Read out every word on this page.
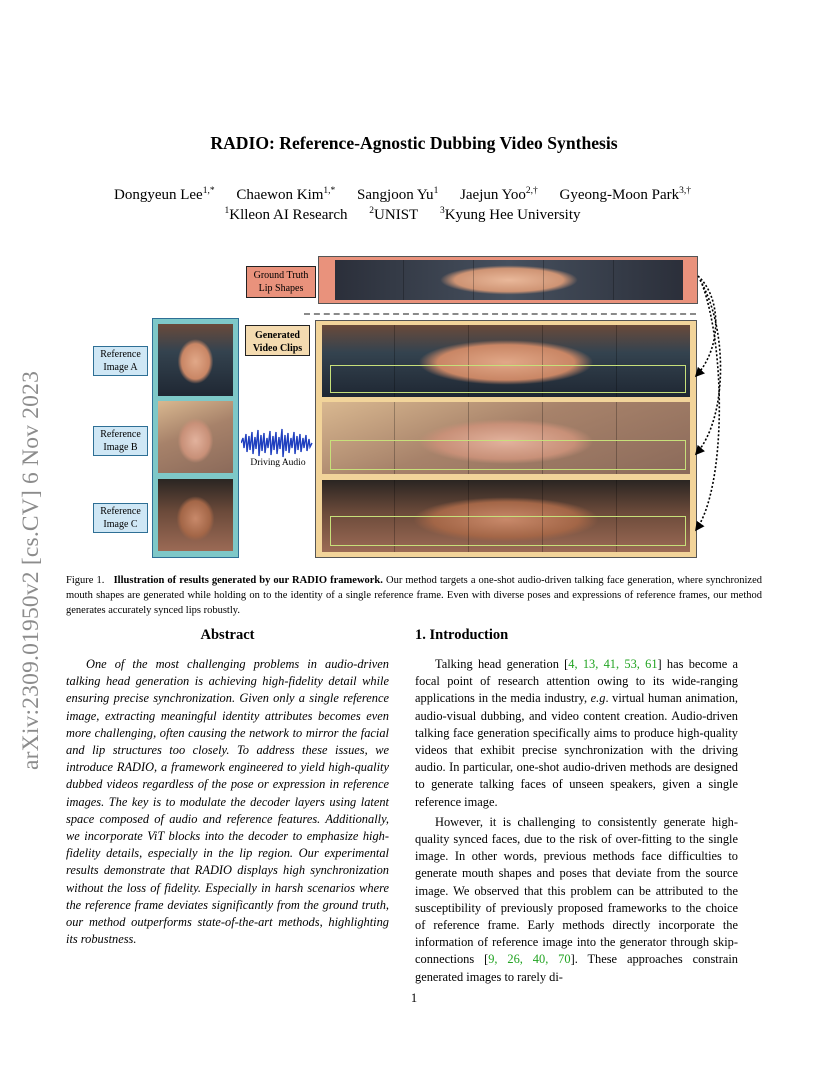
arXiv:2309.01950v2 [cs.CV] 6 Nov 2023
RADIO: Reference-Agnostic Dubbing Video Synthesis
Dongyeun Lee$^{1,*}$ Chaewon Kim$^{1,*}$ Sangjoon Yu$^1$ Jaejun Yoo$^{2,\dagger}$ Gyeong-Moon Park$^{3,\dagger}$
$^1$Klleon AI Research $^2$UNIST $^3$Kyung Hee University
Ground Truth
Lip Shapes
Reference
Image A
Reference
Image B
Reference
Image C
Driving Audio
Generated
Video Clips
Figure 1. Illustration of results generated by our RADIO framework. Our method targets a one-shot audio-driven talking face generation, where synchronized mouth shapes are generated while holding on to the identity of a single reference frame. Even with diverse poses and expressions of reference frames, our method generates accurately synced lips robustly.
Abstract
One of the most challenging problems in audio-driven talking head generation is achieving high-fidelity detail while ensuring precise synchronization. Given only a single reference image, extracting meaningful identity attributes becomes even more challenging, often causing the network to mirror the facial and lip structures too closely. To address these issues, we introduce RADIO, a framework engineered to yield high-quality dubbed videos regardless of the pose or expression in reference images. The key is to modulate the decoder layers using latent space composed of audio and reference features. Additionally, we incorporate ViT blocks into the decoder to emphasize high-fidelity details, especially in the lip region. Our experimental results demonstrate that RADIO displays high synchronization without the loss of fidelity. Especially in harsh scenarios where the reference frame deviates significantly from the ground truth, our method outperforms state-of-the-art methods, highlighting its robustness.
1. Introduction

Talking head generation [4, 13, 41, 53, 61] has become a focal point of research attention owing to its wide-ranging applications in the media industry, e.g. virtual human animation, audio-visual dubbing, and video content creation. Audio-driven talking face generation specifically aims to produce high-quality videos that exhibit precise synchronization with the driving audio. In particular, one-shot audio-driven methods are designed to generate talking faces of unseen speakers, given a single reference image.

However, it is challenging to consistently generate high-quality synced faces, due to the risk of over-fitting to the single image. In other words, previous methods face difficulties to generate mouth shapes and poses that deviate from the source image. We observed that this problem can be attributed to the susceptibility of previously proposed frameworks to the choice of reference frame. Early methods directly incorporate the information of reference image into the generator through skip-connections [9, 26, 40, 70]. These approaches constrain generated images to rarely di-

1
